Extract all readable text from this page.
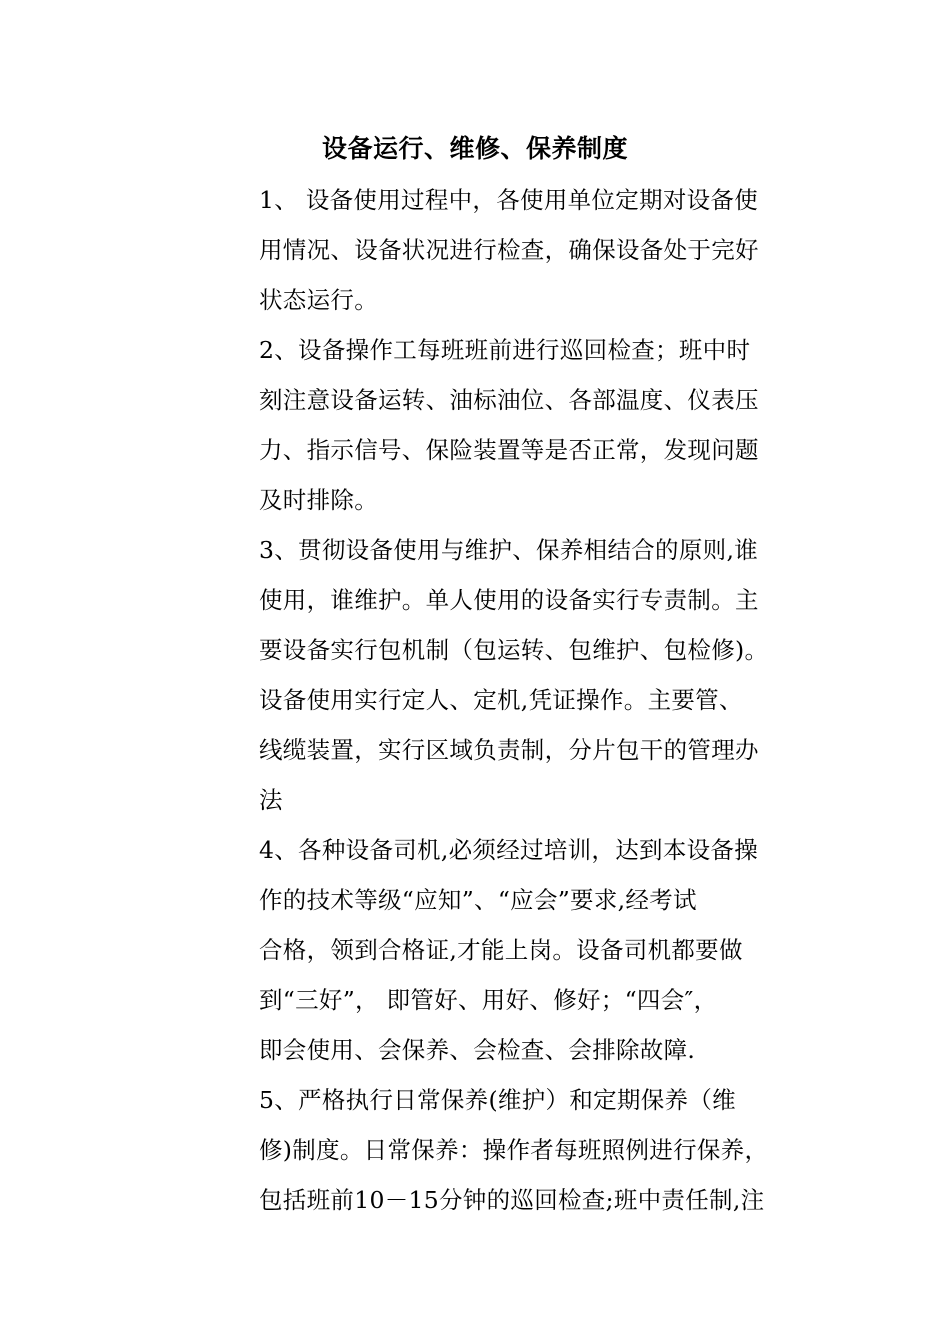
设备运行、维修、保养制度
1、 设备使用过程中，各使用单位定期对设备使
用情况、设备状况进行检查，确保设备处于完好
状态运行。
2、设备操作工每班班前进行巡回检查；班中时
刻注意设备运转、油标油位、各部温度、仪表压
力、指示信号、保险装置等是否正常，发现问题
及时排除。
3、贯彻设备使用与维护、保养相结合的原则,谁
使用，谁维护。单人使用的设备实行专责制。主
要设备实行包机制（包运转、包维护、包检修)。
设备使用实行定人、定机,凭证操作。主要管、
线缆装置，实行区域负责制，分片包干的管理办
法
4、各种设备司机,必须经过培训，达到本设备操
作的技术等级“应知”、“应会”要求,经考试
合格，领到合格证,才能上岗。设备司机都要做
到“三好”， 即管好、用好、修好；“四会″，
即会使用、会保养、会检查、会排除故障.
5、严格执行日常保养(维护）和定期保养（维
修)制度。日常保养：操作者每班照例进行保养，
包括班前10－15分钟的巡回检查;班中责任制,注
